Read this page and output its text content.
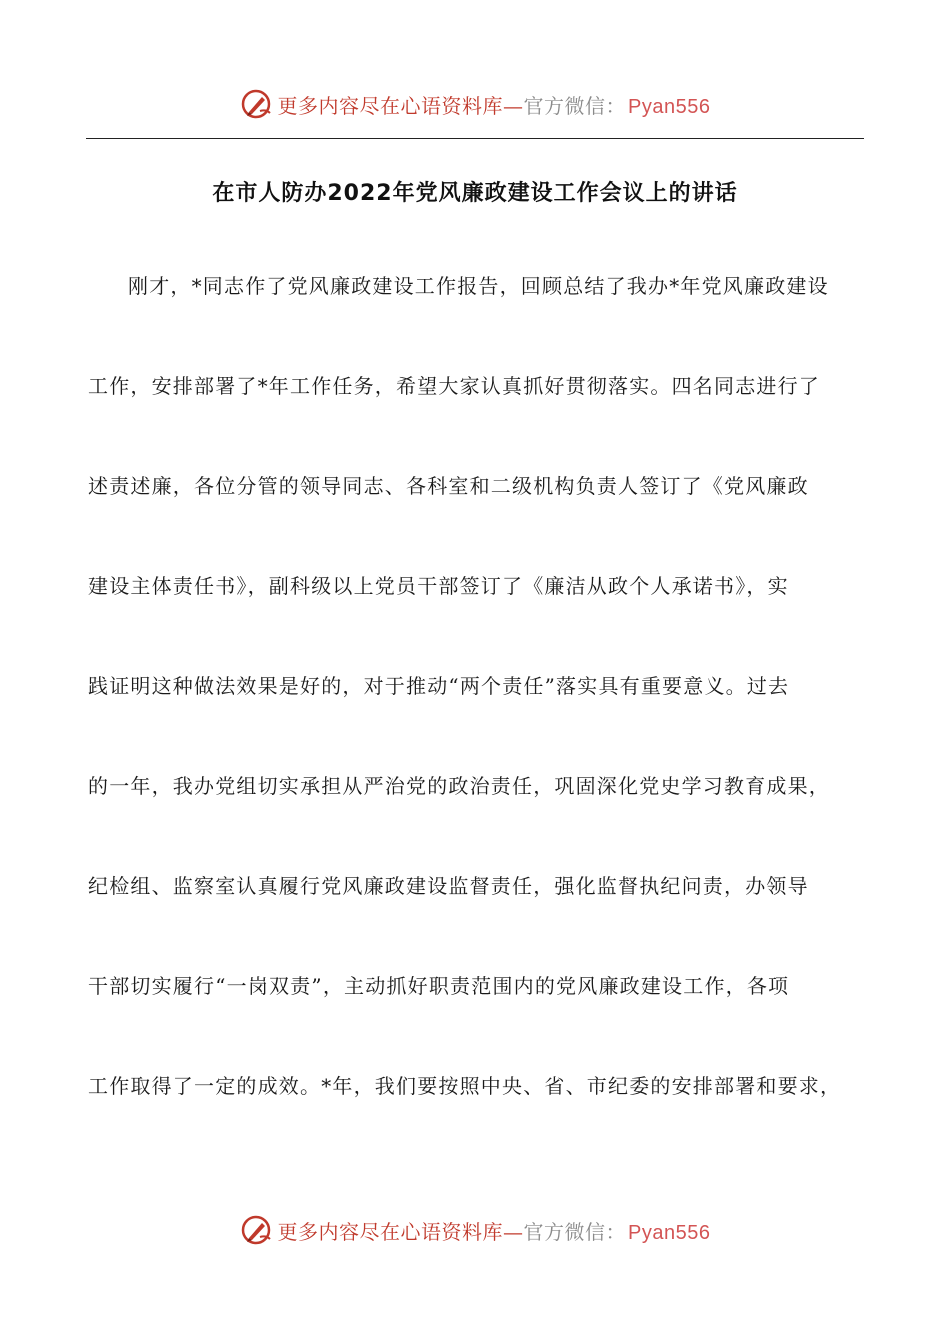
更多内容尽在心语资料库—官方微信： Pyan556
在市人防办2022年党风廉政建设工作会议上的讲话
刚才，*同志作了党风廉政建设工作报告，回顾总结了我办*年党风廉政建设
工作，安排部署了*年工作任务，希望大家认真抓好贯彻落实。四名同志进行了
述责述廉，各位分管的领导同志、各科室和二级机构负责人签订了《党风廉政
建设主体责任书》，副科级以上党员干部签订了《廉洁从政个人承诺书》，实
践证明这种做法效果是好的，对于推动“两个责任”落实具有重要意义。过去
的一年，我办党组切实承担从严治党的政治责任，巩固深化党史学习教育成果，
纪检组、监察室认真履行党风廉政建设监督责任，强化监督执纪问责，办领导
干部切实履行“一岗双责”，主动抓好职责范围内的党风廉政建设工作，各项
工作取得了一定的成效。*年，我们要按照中央、省、市纪委的安排部署和要求，
更多内容尽在心语资料库—官方微信： Pyan556
